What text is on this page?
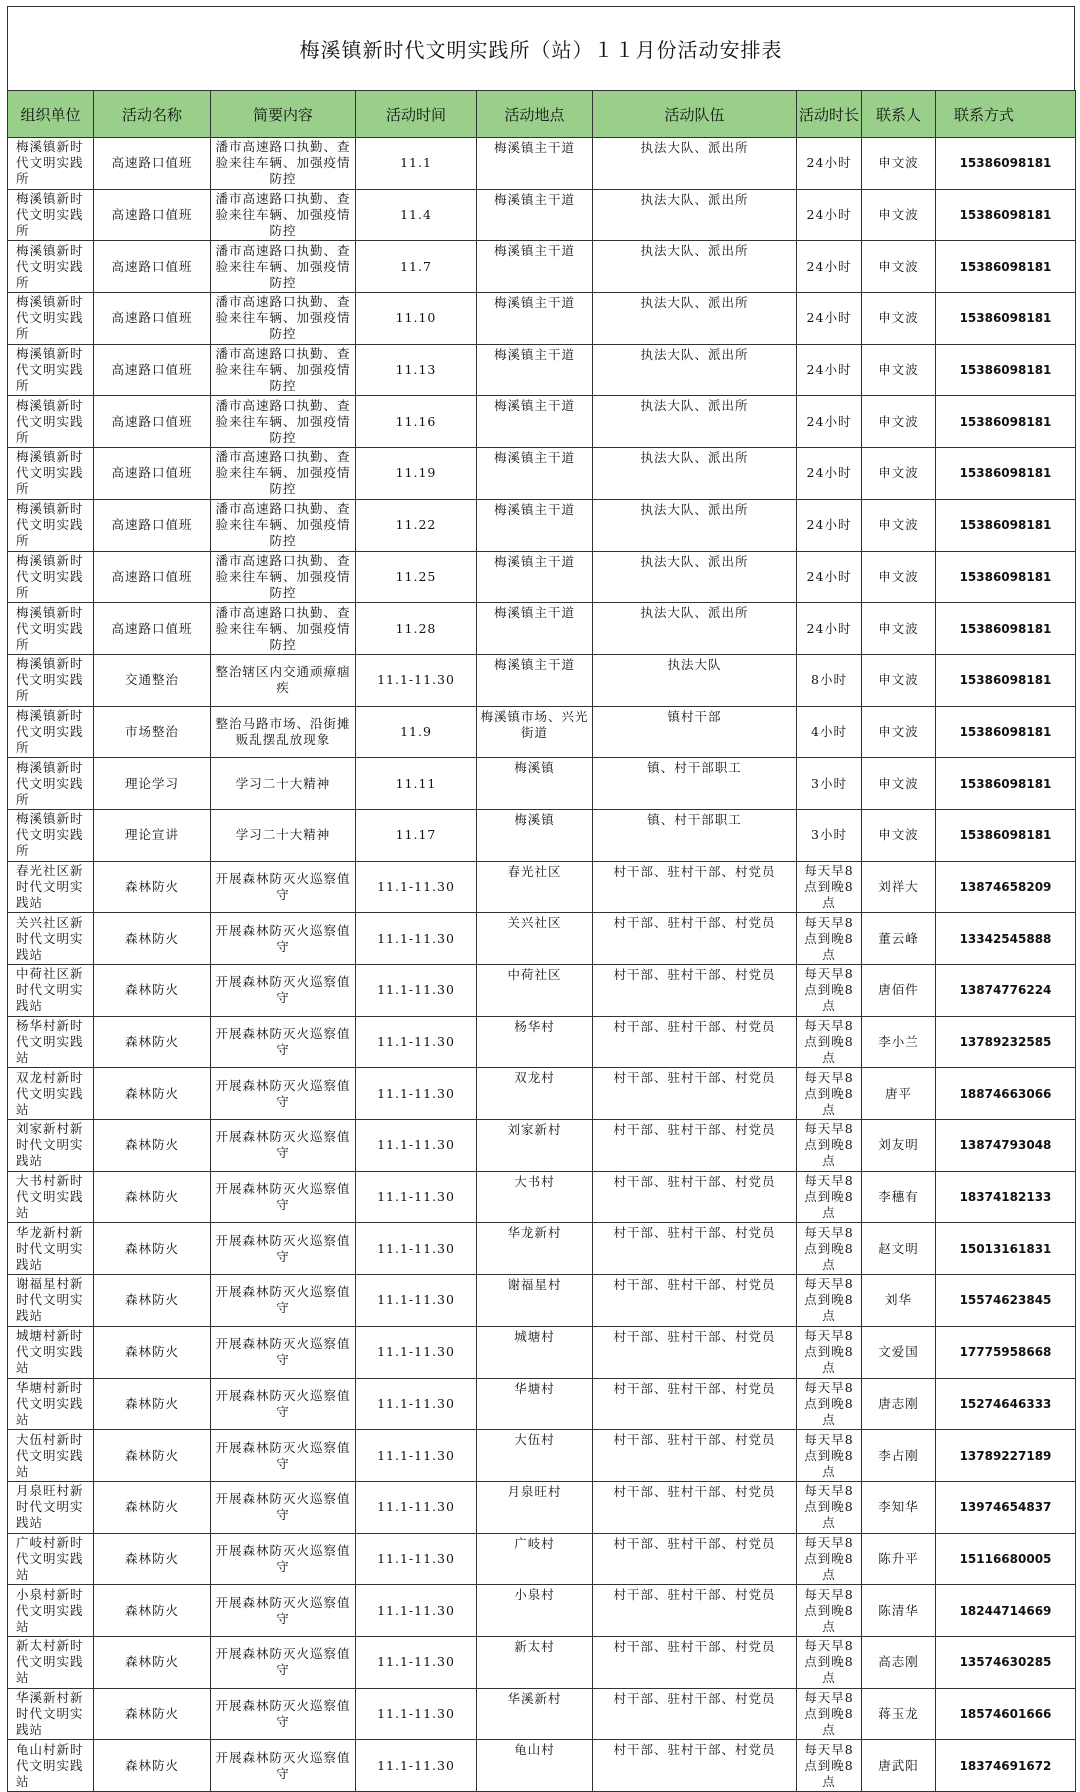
梅溪镇新时代文明实践所（站）１１月份活动安排表
组织单位	活动名称	简要内容	活动时间	活动地点	活动队伍	活动时长	联系人	联系方式
梅溪镇新时代文明实践所	高速路口值班	潘市高速路口执勤、查验来往车辆、加强疫情防控	11.1	梅溪镇主干道	执法大队、派出所	24小时	申文波	15386098181
梅溪镇新时代文明实践所	高速路口值班	潘市高速路口执勤、查验来往车辆、加强疫情防控	11.4	梅溪镇主干道	执法大队、派出所	24小时	申文波	15386098181
梅溪镇新时代文明实践所	高速路口值班	潘市高速路口执勤、查验来往车辆、加强疫情防控	11.7	梅溪镇主干道	执法大队、派出所	24小时	申文波	15386098181
梅溪镇新时代文明实践所	高速路口值班	潘市高速路口执勤、查验来往车辆、加强疫情防控	11.10	梅溪镇主干道	执法大队、派出所	24小时	申文波	15386098181
梅溪镇新时代文明实践所	高速路口值班	潘市高速路口执勤、查验来往车辆、加强疫情防控	11.13	梅溪镇主干道	执法大队、派出所	24小时	申文波	15386098181
梅溪镇新时代文明实践所	高速路口值班	潘市高速路口执勤、查验来往车辆、加强疫情防控	11.16	梅溪镇主干道	执法大队、派出所	24小时	申文波	15386098181
梅溪镇新时代文明实践所	高速路口值班	潘市高速路口执勤、查验来往车辆、加强疫情防控	11.19	梅溪镇主干道	执法大队、派出所	24小时	申文波	15386098181
梅溪镇新时代文明实践所	高速路口值班	潘市高速路口执勤、查验来往车辆、加强疫情防控	11.22	梅溪镇主干道	执法大队、派出所	24小时	申文波	15386098181
梅溪镇新时代文明实践所	高速路口值班	潘市高速路口执勤、查验来往车辆、加强疫情防控	11.25	梅溪镇主干道	执法大队、派出所	24小时	申文波	15386098181
梅溪镇新时代文明实践所	高速路口值班	潘市高速路口执勤、查验来往车辆、加强疫情防控	11.28	梅溪镇主干道	执法大队、派出所	24小时	申文波	15386098181
梅溪镇新时代文明实践所	交通整治	整治辖区内交通顽瘴痼疾	11.1-11.30	梅溪镇主干道	执法大队	8小时	申文波	15386098181
梅溪镇新时代文明实践所	市场整治	整治马路市场、沿街摊贩乱摆乱放现象	11.9	梅溪镇市场、兴光街道	镇村干部	4小时	申文波	15386098181
梅溪镇新时代文明实践所	理论学习	学习二十大精神	11.11	梅溪镇	镇、村干部职工	3小时	申文波	15386098181
梅溪镇新时代文明实践所	理论宣讲	学习二十大精神	11.17	梅溪镇	镇、村干部职工	3小时	申文波	15386098181
春光社区新时代文明实践站	森林防火	开展森林防灭火巡察值守	11.1-11.30	春光社区	村干部、驻村干部、村党员	每天早8点到晚8点	刘祥大	13874658209
关兴社区新时代文明实践站	森林防火	开展森林防灭火巡察值守	11.1-11.30	关兴社区	村干部、驻村干部、村党员	每天早8点到晚8点	董云峰	13342545888
中荷社区新时代文明实践站	森林防火	开展森林防灭火巡察值守	11.1-11.30	中荷社区	村干部、驻村干部、村党员	每天早8点到晚8点	唐佰件	13874776224
杨华村新时代文明实践站	森林防火	开展森林防灭火巡察值守	11.1-11.30	杨华村	村干部、驻村干部、村党员	每天早8点到晚8点	李小兰	13789232585
双龙村新时代文明实践站	森林防火	开展森林防灭火巡察值守	11.1-11.30	双龙村	村干部、驻村干部、村党员	每天早8点到晚8点	唐平	18874663066
刘家新村新时代文明实践站	森林防火	开展森林防灭火巡察值守	11.1-11.30	刘家新村	村干部、驻村干部、村党员	每天早8点到晚8点	刘友明	13874793048
大书村新时代文明实践站	森林防火	开展森林防灭火巡察值守	11.1-11.30	大书村	村干部、驻村干部、村党员	每天早8点到晚8点	李穗有	18374182133
华龙新村新时代文明实践站	森林防火	开展森林防灭火巡察值守	11.1-11.30	华龙新村	村干部、驻村干部、村党员	每天早8点到晚8点	赵文明	15013161831
谢福星村新时代文明实践站	森林防火	开展森林防灭火巡察值守	11.1-11.30	谢福星村	村干部、驻村干部、村党员	每天早8点到晚8点	刘华	15574623845
城塘村新时代文明实践站	森林防火	开展森林防灭火巡察值守	11.1-11.30	城塘村	村干部、驻村干部、村党员	每天早8点到晚8点	文爱国	17775958668
华塘村新时代文明实践站	森林防火	开展森林防灭火巡察值守	11.1-11.30	华塘村	村干部、驻村干部、村党员	每天早8点到晚8点	唐志刚	15274646333
大伍村新时代文明实践站	森林防火	开展森林防灭火巡察值守	11.1-11.30	大伍村	村干部、驻村干部、村党员	每天早8点到晚8点	李占刚	13789227189
月泉旺村新时代文明实践站	森林防火	开展森林防灭火巡察值守	11.1-11.30	月泉旺村	村干部、驻村干部、村党员	每天早8点到晚8点	李知华	13974654837
广岐村新时代文明实践站	森林防火	开展森林防灭火巡察值守	11.1-11.30	广岐村	村干部、驻村干部、村党员	每天早8点到晚8点	陈升平	15116680005
小泉村新时代文明实践站	森林防火	开展森林防灭火巡察值守	11.1-11.30	小泉村	村干部、驻村干部、村党员	每天早8点到晚8点	陈清华	18244714669
新太村新时代文明实践站	森林防火	开展森林防灭火巡察值守	11.1-11.30	新太村	村干部、驻村干部、村党员	每天早8点到晚8点	高志刚	13574630285
华溪新村新时代文明实践站	森林防火	开展森林防灭火巡察值守	11.1-11.30	华溪新村	村干部、驻村干部、村党员	每天早8点到晚8点	蒋玉龙	18574601666
龟山村新时代文明实践站	森林防火	开展森林防灭火巡察值守	11.1-11.30	龟山村	村干部、驻村干部、村党员	每天早8点到晚8点	唐武阳	18374691672
